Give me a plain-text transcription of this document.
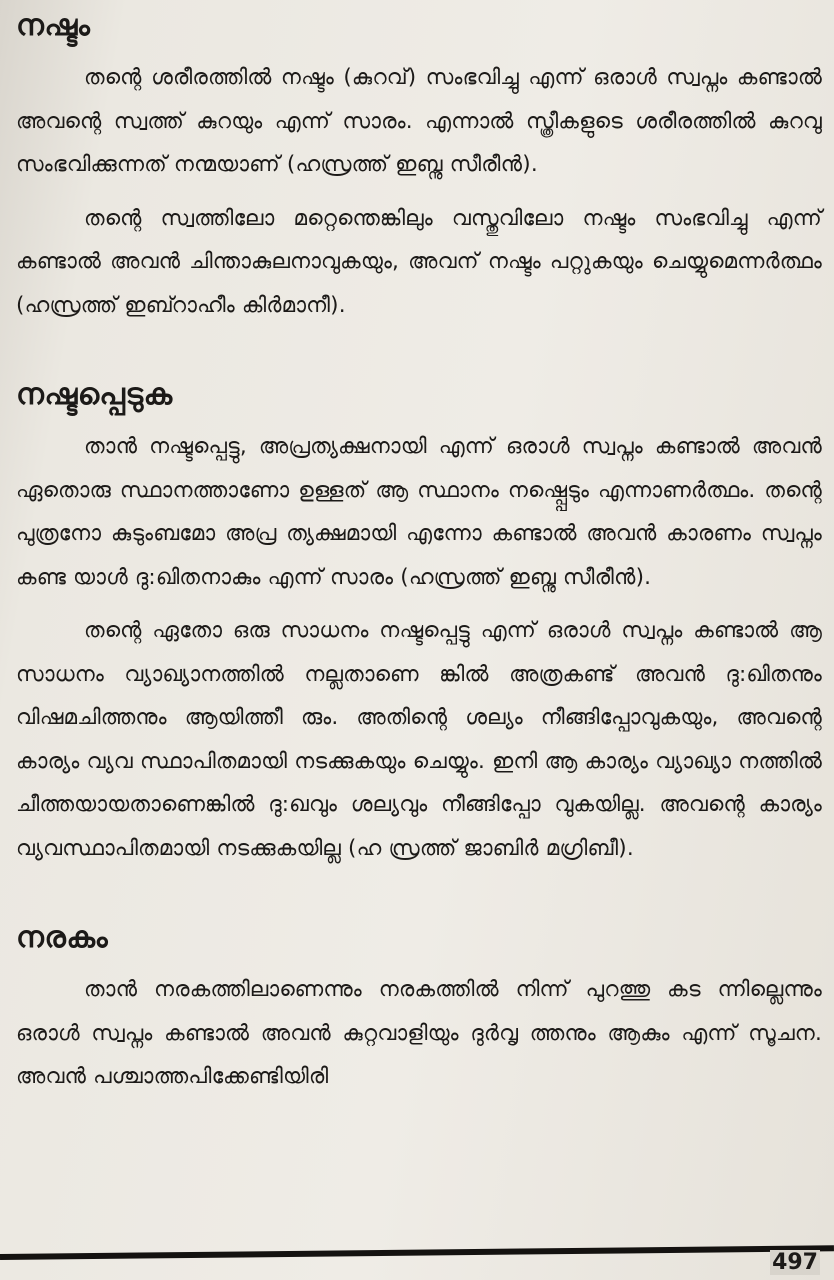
നഷ്ടം

തന്റെ ശരീരത്തിൽ നഷ്ടം (കുറവ്) സംഭവിച്ചു എന്ന് ഒരാൾ സ്വപ്നം കണ്ടാൽ അവന്റെ സ്വത്ത് കുറയും എന്ന് സാരം. എന്നാൽ സ്ത്രീകളുടെ ശരീരത്തിൽ കുറവു സംഭവിക്കുന്നത് നന്മയാണ് (ഹസ്രത്ത് ഇബ്നു സീരീൻ).

തന്റെ സ്വത്തിലോ മറ്റെന്തെങ്കിലും വസ്തുവിലോ നഷ്ടം സംഭവിച്ചു എന്ന് കണ്ടാൽ അവൻ ചിന്താകുലനാവുകയും, അവന് നഷ്ടം പറ്റുകയും ചെയ്യുമെന്നർത്ഥം (ഹസ്രത്ത് ഇബ്റാഹീം കിർമാനീ).

നഷ്ടപ്പെടുക

താൻ നഷ്ടപ്പെട്ടു, അപ്രത്യക്ഷനായി എന്ന് ഒരാൾ സ്വപ്നം കണ്ടാൽ അവൻ ഏതൊരു സ്ഥാനത്താണോ ഉള്ളത് ആ സ്ഥാനം നഷ്പ്പെടും എന്നാണർത്ഥം. തന്റെ പുത്രനോ കുടുംബമോ അപ്ര ത്യക്ഷമായി എന്നോ കണ്ടാൽ അവൻ കാരണം സ്വപ്നം കണ്ട യാൾ ദു:ഖിതനാകും എന്ന് സാരം (ഹസ്രത്ത് ഇബ്നു സീരീൻ).

തന്റെ ഏതോ ഒരു സാധനം നഷ്ടപ്പെട്ടു എന്ന് ഒരാൾ സ്വപ്നം കണ്ടാൽ ആ സാധനം വ്യാഖ്യാനത്തിൽ നല്ലതാണെ ങ്കിൽ അത്രകണ്ട് അവൻ ദു:ഖിതനും വിഷമചിത്തനും ആയിത്തീ രും. അതിന്റെ ശല്യം നീങ്ങിപ്പോവുകയും, അവന്റെ കാര്യം വ്യവ സ്ഥാപിതമായി നടക്കുകയും ചെയ്യും. ഇനി ആ കാര്യം വ്യാഖ്യാ നത്തിൽ ചീത്തയായതാണെങ്കിൽ ദു:ഖവും ശല്യവും നീങ്ങിപ്പോ വുകയില്ല. അവന്റെ കാര്യം വ്യവസ്ഥാപിതമായി നടക്കുകയില്ല (ഹ സ്രത്ത് ജാബിർ മഗ്രിബീ).

നരകം

താൻ നരകത്തിലാണെന്നും നരകത്തിൽ നിന്ന് പുറത്തു കട ന്നില്ലെന്നും ഒരാൾ സ്വപ്നം കണ്ടാൽ അവൻ കുറ്റവാളിയും ദുർവൃ ത്തനും ആകും എന്ന് സൂചന. അവൻ പശ്ചാത്തപിക്കേണ്ടിയിരി

497
